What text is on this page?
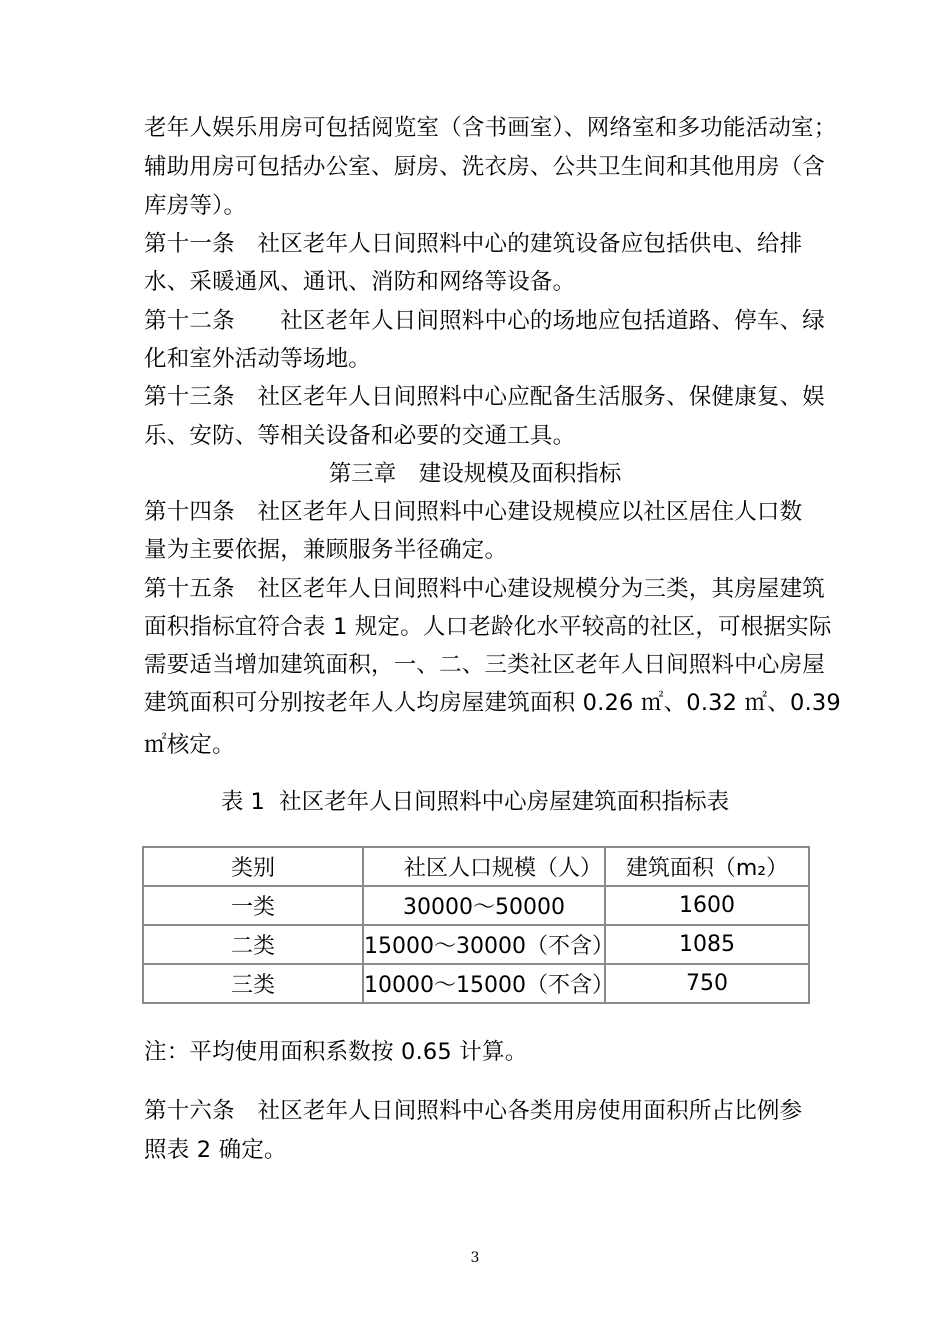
老年人娱乐用房可包括阅览室（含书画室）、网络室和多功能活动室；
辅助用房可包括办公室、厨房、洗衣房、公共卫生间和其他用房（含
库房等）。
第十一条　社区老年人日间照料中心的建筑设备应包括供电、给排
水、采暖通风、通讯、消防和网络等设备。
第十二条　　社区老年人日间照料中心的场地应包括道路、停车、绿
化和室外活动等场地。
第十三条　社区老年人日间照料中心应配备生活服务、保健康复、娱
乐、安防、等相关设备和必要的交通工具。
第三章　建设规模及面积指标
第十四条　社区老年人日间照料中心建设规模应以社区居住人口数
量为主要依据，兼顾服务半径确定。
第十五条　社区老年人日间照料中心建设规模分为三类，其房屋建筑
面积指标宜符合表 1 规定。人口老龄化水平较高的社区，可根据实际
需要适当增加建筑面积，一、二、三类社区老年人日间照料中心房屋
建筑面积可分别按老年人人均房屋建筑面积 0.26 ㎡、0.32 ㎡、0.39
㎡核定。
表 1  社区老年人日间照料中心房屋建筑面积指标表
类别	社区人口规模（人）	建筑面积（m₂）
一类	30000～50000	1600
二类	15000～30000（不含）	1085
三类	10000～15000（不含）	750
注：平均使用面积系数按 0.65 计算。
第十六条　社区老年人日间照料中心各类用房使用面积所占比例参
照表 2 确定。
3
